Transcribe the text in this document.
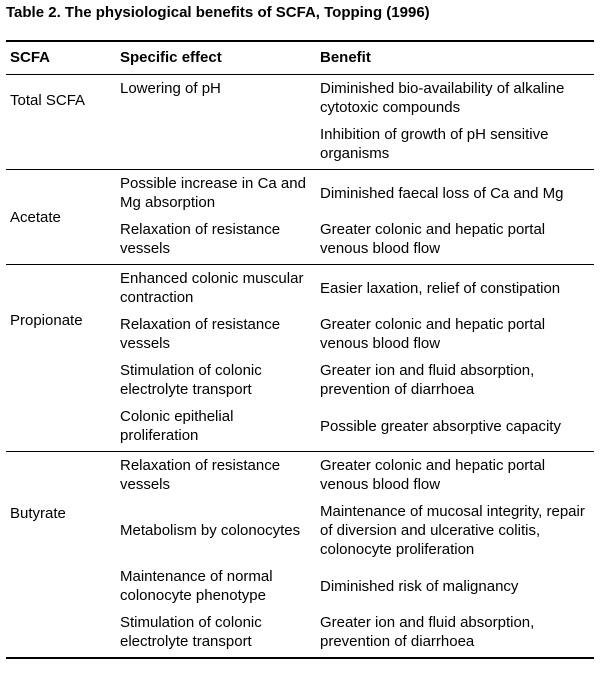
Table 2. The physiological benefits of SCFA, Topping (1996)
SCFA	Specific effect	Benefit
Total SCFA	Lowering of pH	Diminished bio-availability of alkaline cytotoxic compounds
		Inhibition of growth of pH sensitive organisms
Acetate	Possible increase in Ca and Mg absorption	Diminished faecal loss of Ca and Mg
	Relaxation of resistance vessels	Greater colonic and hepatic portal venous blood flow
Propionate	Enhanced colonic muscular contraction	Easier laxation, relief of constipation
	Relaxation of resistance vessels	Greater colonic and hepatic portal venous blood flow
	Stimulation of colonic electrolyte transport	Greater ion and fluid absorption, prevention of diarrhoea
	Colonic epithelial proliferation	Possible greater absorptive capacity
Butyrate	Relaxation of resistance vessels	Greater colonic and hepatic portal venous blood flow
	Metabolism by colonocytes	Maintenance of mucosal integrity, repair of diversion and ulcerative colitis, colonocyte proliferation
	Maintenance of normal colonocyte phenotype	Diminished risk of malignancy
	Stimulation of colonic electrolyte transport	Greater ion and fluid absorption, prevention of diarrhoea
